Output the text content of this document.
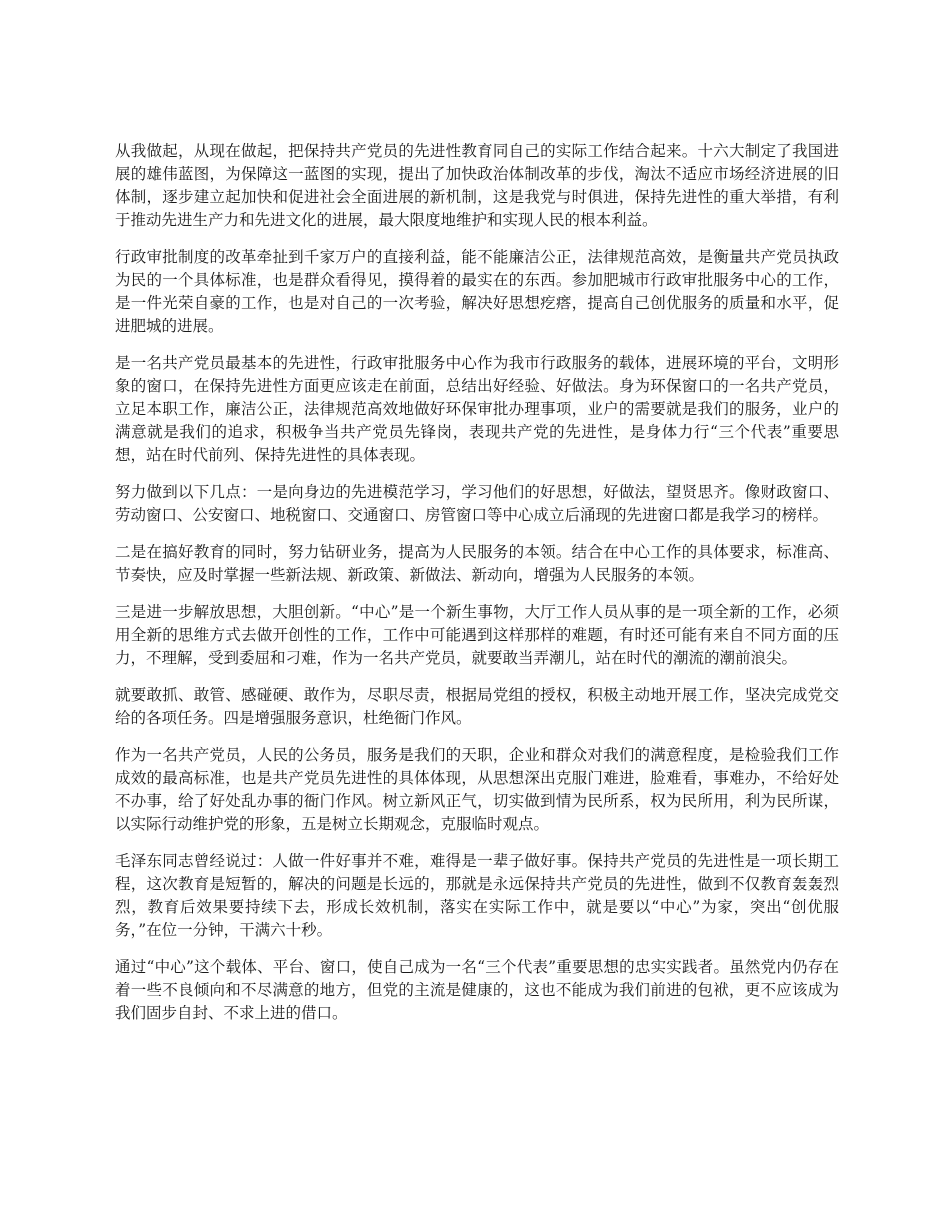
从我做起，从现在做起，把保持共产党员的先进性教育同自己的实际工作结合起来。十六大制定了我国进展的雄伟蓝图，为保障这一蓝图的实现，提出了加快政治体制改革的步伐，淘汰不适应市场经济进展的旧体制，逐步建立起加快和促进社会全面进展的新机制，这是我党与时俱进，保持先进性的重大举措，有利于推动先进生产力和先进文化的进展，最大限度地维护和实现人民的根本利益。

行政审批制度的改革牵扯到千家万户的直接利益，能不能廉洁公正，法律规范高效，是衡量共产党员执政为民的一个具体标准，也是群众看得见，摸得着的最实在的东西。参加肥城市行政审批服务中心的工作，是一件光荣自豪的工作，也是对自己的一次考验，解决好思想疙瘩，提高自己创优服务的质量和水平，促进肥城的进展。

是一名共产党员最基本的先进性，行政审批服务中心作为我市行政服务的载体，进展环境的平台，文明形象的窗口，在保持先进性方面更应该走在前面，总结出好经验、好做法。身为环保窗口的一名共产党员，立足本职工作，廉洁公正，法律规范高效地做好环保审批办理事项，业户的需要就是我们的服务，业户的满意就是我们的追求，积极争当共产党员先锋岗，表现共产党的先进性，是身体力行“三个代表”重要思想，站在时代前列、保持先进性的具体表现。

努力做到以下几点：一是向身边的先进模范学习，学习他们的好思想，好做法，望贤思齐。像财政窗口、劳动窗口、公安窗口、地税窗口、交通窗口、房管窗口等中心成立后涌现的先进窗口都是我学习的榜样。

二是在搞好教育的同时，努力钻研业务，提高为人民服务的本领。结合在中心工作的具体要求，标准高、节奏快，应及时掌握一些新法规、新政策、新做法、新动向，增强为人民服务的本领。

三是进一步解放思想，大胆创新。“中心”是一个新生事物，大厅工作人员从事的是一项全新的工作，必须用全新的思维方式去做开创性的工作，工作中可能遇到这样那样的难题，有时还可能有来自不同方面的压力，不理解，受到委屈和刁难，作为一名共产党员，就要敢当弄潮儿，站在时代的潮流的潮前浪尖。

就要敢抓、敢管、感碰硬、敢作为，尽职尽责，根据局党组的授权，积极主动地开展工作，坚决完成党交给的各项任务。四是增强服务意识，杜绝衙门作风。

作为一名共产党员，人民的公务员，服务是我们的天职，企业和群众对我们的满意程度，是检验我们工作成效的最高标准，也是共产党员先进性的具体体现，从思想深出克服门难进，脸难看，事难办，不给好处不办事，给了好处乱办事的衙门作风。树立新风正气，切实做到情为民所系，权为民所用，利为民所谋，以实际行动维护党的形象，五是树立长期观念，克服临时观点。

毛泽东同志曾经说过：人做一件好事并不难，难得是一辈子做好事。保持共产党员的先进性是一项长期工程，这次教育是短暂的，解决的问题是长远的，那就是永远保持共产党员的先进性，做到不仅教育轰轰烈烈，教育后效果要持续下去，形成长效机制，落实在实际工作中，就是要以“中心”为家，突出“创优服务，”在位一分钟，干满六十秒。

通过“中心”这个载体、平台、窗口，使自己成为一名“三个代表”重要思想的忠实实践者。虽然党内仍存在着一些不良倾向和不尽满意的地方，但党的主流是健康的，这也不能成为我们前进的包袱，更不应该成为我们固步自封、不求上进的借口。
